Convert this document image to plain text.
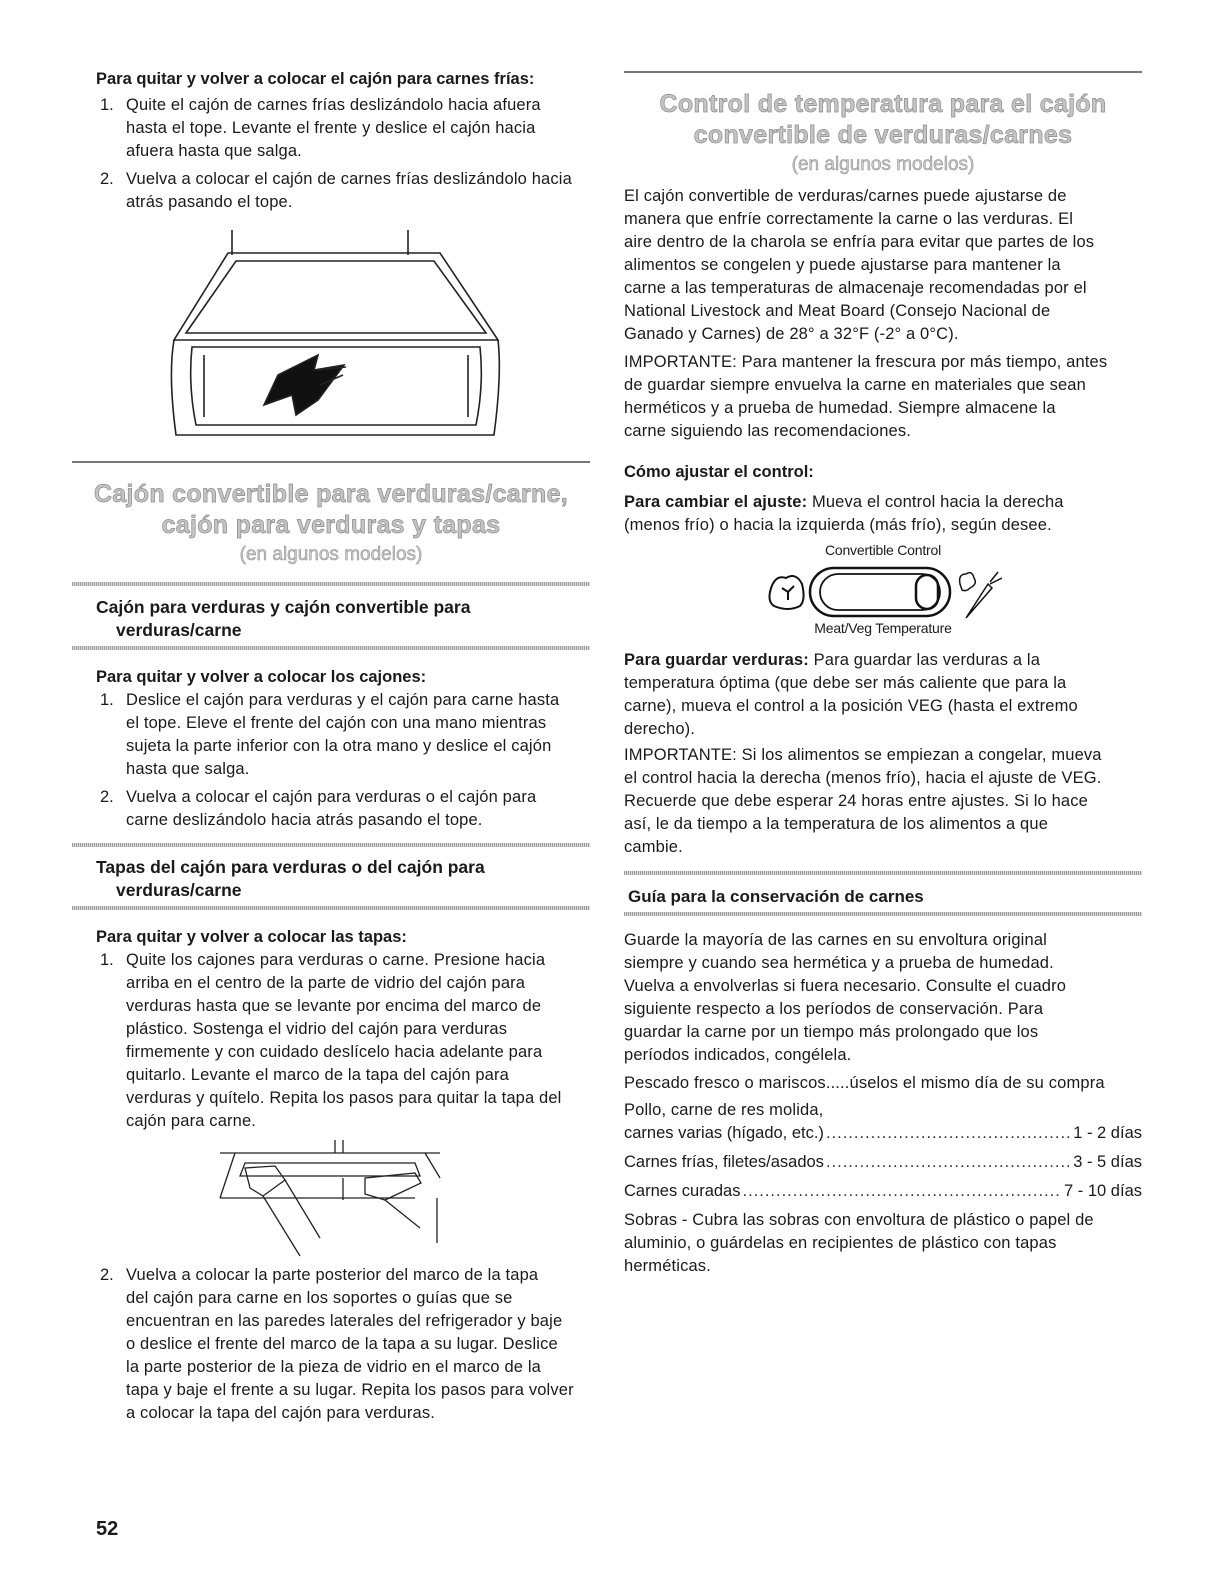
Para quitar y volver a colocar el cajón para carnes frías:
1. Quite el cajón de carnes frías deslizándolo hacia afuera
hasta el tope. Levante el frente y deslice el cajón hacia
afuera hasta que salga.
2. Vuelva a colocar el cajón de carnes frías deslizándolo hacia
atrás pasando el tope.
Cajón convertible para verduras/carne,
cajón para verduras y tapas
(en algunos modelos)
Cajón para verduras y cajón convertible para
verduras/carne
Para quitar y volver a colocar los cajones:
1. Deslice el cajón para verduras y el cajón para carne hasta
el tope. Eleve el frente del cajón con una mano mientras
sujeta la parte inferior con la otra mano y deslice el cajón
hasta que salga.
2. Vuelva a colocar el cajón para verduras o el cajón para
carne deslizándolo hacia atrás pasando el tope.
Tapas del cajón para verduras o del cajón para
verduras/carne
Para quitar y volver a colocar las tapas:
1. Quite los cajones para verduras o carne. Presione hacia
arriba en el centro de la parte de vidrio del cajón para
verduras hasta que se levante por encima del marco de
plástico. Sostenga el vidrio del cajón para verduras
firmemente y con cuidado deslícelo hacia adelante para
quitarlo. Levante el marco de la tapa del cajón para
verduras y quítelo. Repita los pasos para quitar la tapa del
cajón para carne.
2. Vuelva a colocar la parte posterior del marco de la tapa
del cajón para carne en los soportes o guías que se
encuentran en las paredes laterales del refrigerador y baje
o deslice el frente del marco de la tapa a su lugar. Deslice
la parte posterior de la pieza de vidrio en el marco de la
tapa y baje el frente a su lugar. Repita los pasos para volver
a colocar la tapa del cajón para verduras.
52
Control de temperatura para el cajón
convertible de verduras/carnes
(en algunos modelos)
El cajón convertible de verduras/carnes puede ajustarse de
manera que enfríe correctamente la carne o las verduras. El
aire dentro de la charola se enfría para evitar que partes de los
alimentos se congelen y puede ajustarse para mantener la
carne a las temperaturas de almacenaje recomendadas por el
National Livestock and Meat Board (Consejo Nacional de
Ganado y Carnes) de 28° a 32°F (-2° a 0°C).
IMPORTANTE: Para mantener la frescura por más tiempo, antes
de guardar siempre envuelva la carne en materiales que sean
herméticos y a prueba de humedad. Siempre almacene la
carne siguiendo las recomendaciones.
Cómo ajustar el control:
Para cambiar el ajuste: Mueva el control hacia la derecha
(menos frío) o hacia la izquierda (más frío), según desee.
Convertible Control
Meat/Veg Temperature
Para guardar verduras: Para guardar las verduras a la
temperatura óptima (que debe ser más caliente que para la
carne), mueva el control a la posición VEG (hasta el extremo
derecho).
IMPORTANTE: Si los alimentos se empiezan a congelar, mueva
el control hacia la derecha (menos frío), hacia el ajuste de VEG.
Recuerde que debe esperar 24 horas entre ajustes. Si lo hace
así, le da tiempo a la temperatura de los alimentos a que
cambie.
Guía para la conservación de carnes
Guarde la mayoría de las carnes en su envoltura original
siempre y cuando sea hermética y a prueba de humedad.
Vuelva a envolverlas si fuera necesario. Consulte el cuadro
siguiente respecto a los períodos de conservación. Para
guardar la carne por un tiempo más prolongado que los
períodos indicados, congélela.
Pescado fresco o mariscos.....úselos el mismo día de su compra
Pollo, carne de res molida,
carnes varias (hígado, etc.) .....	1 - 2 días
Carnes frías, filetes/asados .....	3 - 5 días
Carnes curadas .....	7 - 10 días
Sobras - Cubra las sobras con envoltura de plástico o papel de
aluminio, o guárdelas en recipientes de plástico con tapas
herméticas.
